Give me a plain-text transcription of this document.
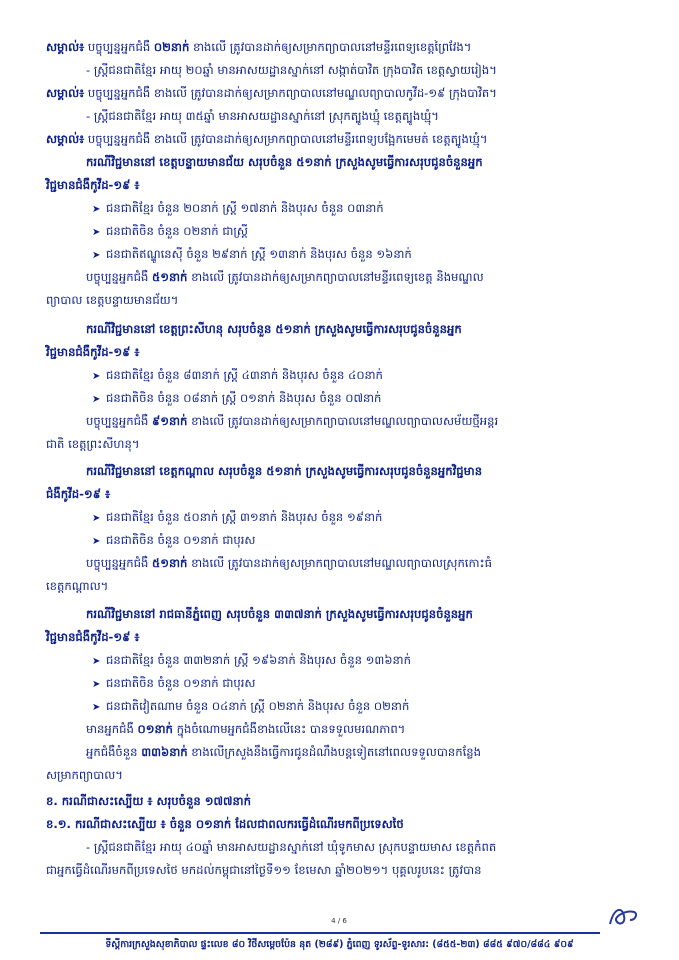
សម្គាល់៖ បច្ចុប្បន្នអ្នកជំងឺ ០២នាក់ ខាងលើ ត្រូវបានដាក់ឲ្យសម្រាកព្យាបាលនៅមន្ទីរពេទ្យខេត្តព្រៃវែង។
- ស្ត្រីជនជាតិខ្មែរ អាយុ ២០ឆ្នាំ មានអាសយដ្ឋានស្នាក់នៅ សង្កាត់បាវិត ក្រុងបាវិត ខេត្តស្វាយរៀង។
សម្គាល់៖ បច្ចុប្បន្នអ្នកជំងឺ ខាងលើ ត្រូវបានដាក់ឲ្យសម្រាកព្យាបាលនៅមណ្ឌលព្យាបាលកូវីដ-១៩ ក្រុងបាវិត។
- ស្ត្រីជនជាតិខ្មែរ អាយុ ៣៥ឆ្នាំ មានអាសយដ្ឋានស្នាក់នៅ ស្រុកត្បូងឃ្មុំ ខេត្តត្បូងឃ្មុំ។
សម្គាល់៖ បច្ចុប្បន្នអ្នកជំងឺ ខាងលើ ត្រូវបានដាក់ឲ្យសម្រាកព្យាបាលនៅមន្ទីរពេទ្យបង្អែកមេមត់ ខេត្តត្បូងឃ្មុំ។
ករណីវិជ្ជមាននៅ ខេត្តបន្ទាយមានជ័យ សរុបចំនួន ៥១នាក់ ក្រសួងសូមធ្វើការសរុបជូនចំនួនអ្នក
វិជ្ជមានជំងឺកូវីដ-១៩ ៖
➤ ជនជាតិខ្មែរ ចំនួន ២០នាក់ ស្ត្រី ១៧នាក់ និងបុរស ចំនួន ០៣នាក់
➤ ជនជាតិចិន ចំនួន ០២នាក់ ជាស្ត្រី
➤ ជនជាតិឥណ្ឌូនេស៊ី ចំនួន ២៩នាក់ ស្ត្រី ១៣នាក់ និងបុរស ចំនួន ១៦នាក់
បច្ចុប្បន្នអ្នកជំងឺ ៥១នាក់ ខាងលើ ត្រូវបានដាក់ឲ្យសម្រាកព្យាបាលនៅមន្ទីរពេទ្យខេត្ត និងមណ្ឌល
ព្យាបាល ខេត្តបន្ទាយមានជ័យ។
ករណីវិជ្ជមាននៅ ខេត្តព្រះសីហនុ សរុបចំនួន ៥១នាក់ ក្រសួងសូមធ្វើការសរុបជូនចំនួនអ្នក
វិជ្ជមានជំងឺកូវីដ-១៩ ៖
➤ ជនជាតិខ្មែរ ចំនួន ៨៣នាក់ ស្ត្រី ៤៣នាក់ និងបុរស ចំនួន ៤០នាក់
➤ ជនជាតិចិន ចំនួន ០៨នាក់ ស្ត្រី ០១នាក់ និងបុរស ចំនួន ០៧នាក់
បច្ចុប្បន្នអ្នកជំងឺ ៩១នាក់ ខាងលើ ត្រូវបានដាក់ឲ្យសម្រាកព្យាបាលនៅមណ្ឌលព្យាបាលសម័យថ្មីអន្តរ
ជាតិ ខេត្តព្រះសីហនុ។
ករណីវិជ្ជមាននៅ ខេត្តកណ្តាល សរុបចំនួន ៥១នាក់ ក្រសួងសូមធ្វើការសរុបជូនចំនួនអ្នកវិជ្ជមាន
ជំងឺកូវីដ-១៩ ៖
➤ ជនជាតិខ្មែរ ចំនួន ៥០នាក់ ស្ត្រី ៣១នាក់ និងបុរស ចំនួន ១៩នាក់
➤ ជនជាតិចិន ចំនួន ០១នាក់ ជាបុរស
បច្ចុប្បន្នអ្នកជំងឺ ៥១នាក់ ខាងលើ ត្រូវបានដាក់ឲ្យសម្រាកព្យាបាលនៅមណ្ឌលព្យាបាលស្រុកកោះធំ
ខេត្តកណ្តាល។
ករណីវិជ្ជមាននៅ រាជធានីភ្នំពេញ សរុបចំនួន ៣៣៧នាក់ ក្រសួងសូមធ្វើការសរុបជូនចំនួនអ្នក
វិជ្ជមានជំងឺកូវីដ-១៩ ៖
➤ ជនជាតិខ្មែរ ចំនួន ៣៣២នាក់ ស្ត្រី ១៩៦នាក់ និងបុរស ចំនួន ១៣៦នាក់
➤ ជនជាតិចិន ចំនួន ០១នាក់ ជាបុរស
➤ ជនជាតិវៀតណាម ចំនួន ០៤នាក់ ស្ត្រី ០២នាក់ និងបុរស ចំនួន ០២នាក់
មានអ្នកជំងឺ ០១នាក់ ក្នុងចំណោមអ្នកជំងឺខាងលើនេះ បានទទួលមរណភាព។
អ្នកជំងឺចំនួន ៣៣៦នាក់ ខាងលើក្រសួងនឹងធ្វើការជូនដំណឹងបន្តទៀតនៅពេលទទួលបានកន្លែង
សម្រាកព្យាបាល។
ខ. ករណីជាសះស្បើយ ៖ សរុបចំនួន ១៧៧នាក់
ខ.១. ករណីជាសះស្បើយ ៖ ចំនួន ០១នាក់ ដែលជាពលករធ្វើដំណើរមកពីប្រទេសថៃ
- ស្ត្រីជនជាតិខ្មែរ អាយុ ៤០ឆ្នាំ មានអាសយដ្ឋានស្នាក់នៅ ឃុំទូកមាស ស្រុកបន្ទាយមាស ខេត្តកំពត
ជាអ្នកធ្វើដំណើរមកពីប្រទេសថៃ មកដល់កម្ពុជានៅថ្ងៃទី១១ ខែមេសា ឆ្នាំ២០២១។ បុគ្គលរូបនេះ ត្រូវបាន
4 / 6
ទីស្តីការក្រសួងសុខាភិបាល ផ្ទះលេខ ៨០ វិថីសម្តេចប៉ែន នុត (២៨៩) ភ្នំពេញ ទូរស័ព្ទ-ទូរសារ: (៨៥៥-២៣) ៨៨៥ ៩៧០/៨៨៤ ៩០៩
